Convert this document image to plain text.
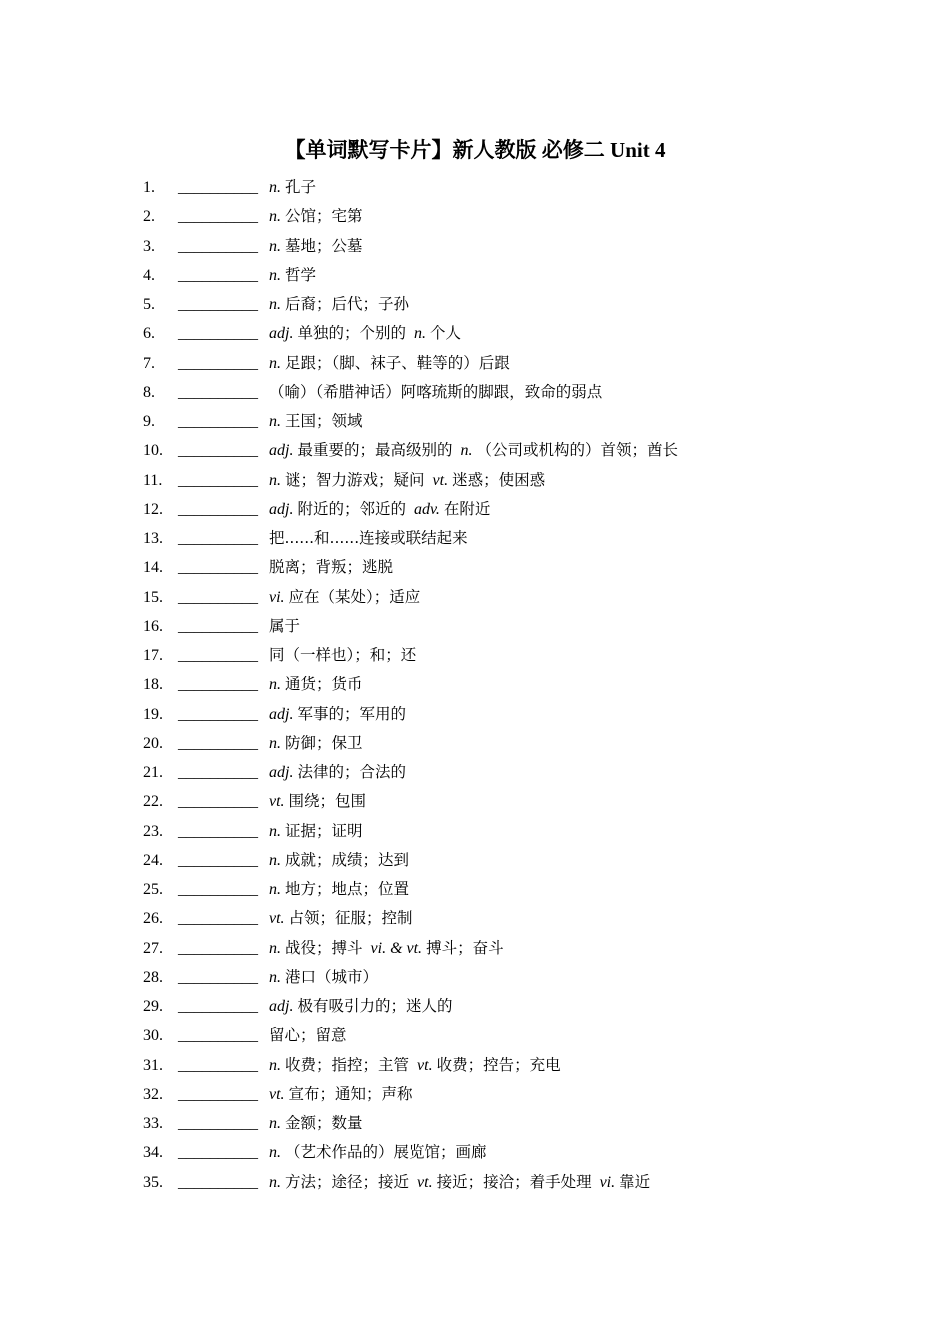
【单词默写卡片】新人教版 必修二 Unit 4
1. __________ n. 孔子
2. __________ n. 公馆；宅第
3. __________ n. 墓地；公墓
4. __________ n. 哲学
5. __________ n. 后裔；后代；子孙
6. __________ adj. 单独的；个别的 n. 个人
7. __________ n. 足跟；（脚、袜子、鞋等的）后跟
8. __________ （喻）（希腊神话）阿喀琉斯的脚跟，致命的弱点
9. __________ n. 王国；领域
10. __________ adj. 最重要的；最高级别的 n. （公司或机构的）首领；酋长
11. __________ n. 谜；智力游戏；疑问 vt. 迷惑；使困惑
12. __________ adj. 附近的；邻近的 adv. 在附近
13. __________ 把......和......连接或联结起来
14. __________ 脱离；背叛；逃脱
15. __________ vi. 应在（某处）；适应
16. __________ 属于
17. __________ 同（一样也）；和；还
18. __________ n. 通货；货币
19. __________ adj. 军事的；军用的
20. __________ n. 防御；保卫
21. __________ adj. 法律的；合法的
22. __________ vt. 围绕；包围
23. __________ n. 证据；证明
24. __________ n. 成就；成绩；达到
25. __________ n. 地方；地点；位置
26. __________ vt. 占领；征服；控制
27. __________ n. 战役；搏斗 vi. & vt. 搏斗；奋斗
28. __________ n. 港口（城市）
29. __________ adj. 极有吸引力的；迷人的
30. __________ 留心；留意
31. __________ n. 收费；指控；主管 vt. 收费；控告；充电
32. __________ vt. 宣布；通知；声称
33. __________ n. 金额；数量
34. __________ n. （艺术作品的）展览馆；画廊
35. __________ n. 方法；途径；接近 vt. 接近；接洽；着手处理 vi. 靠近
